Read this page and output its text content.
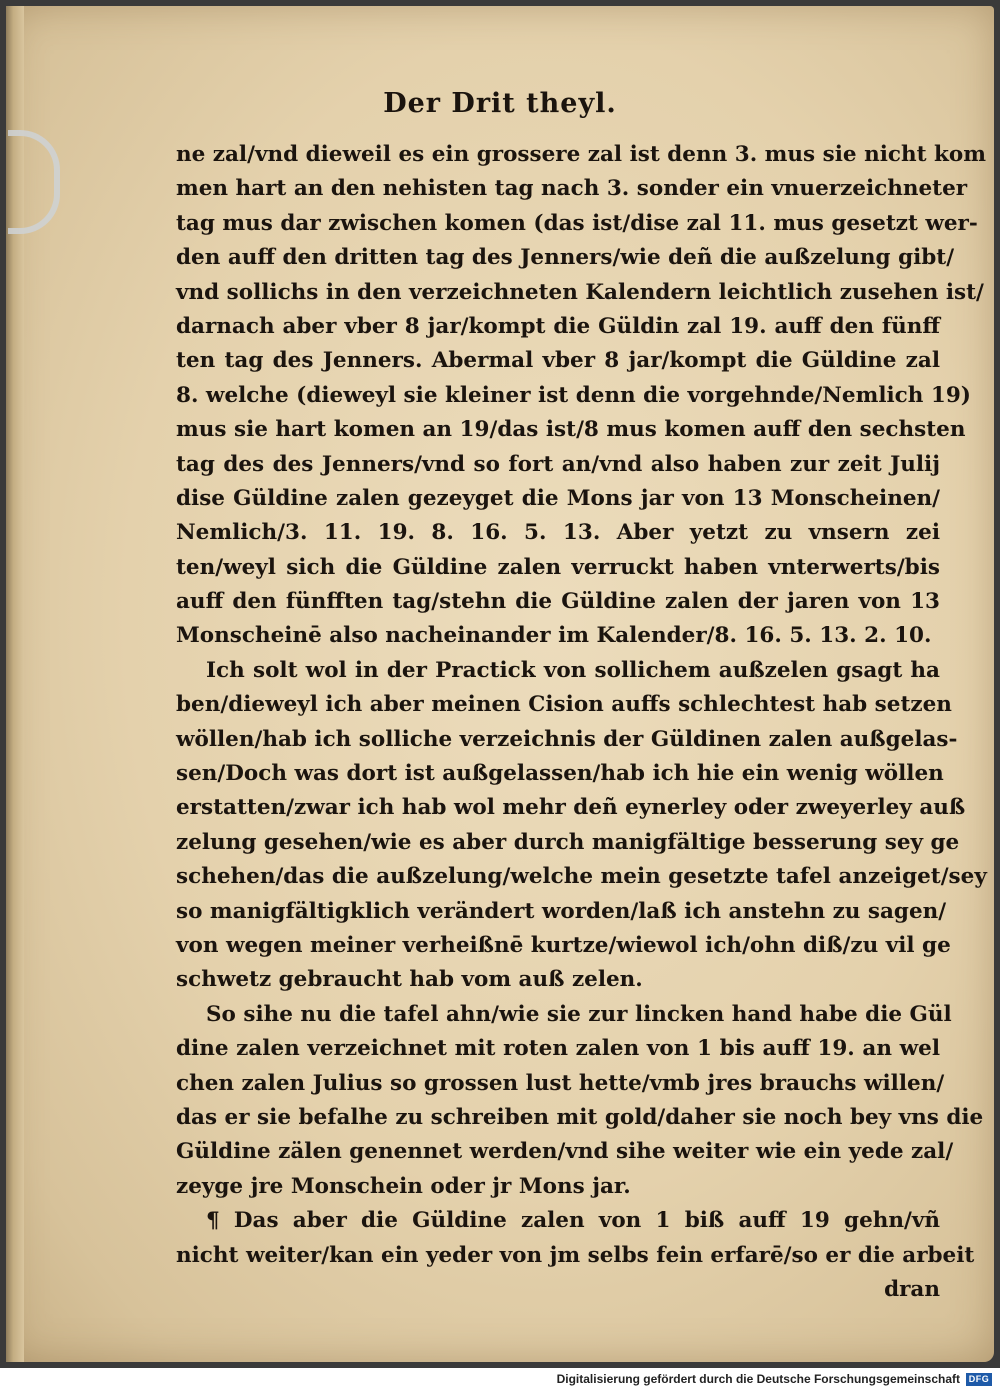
Der Drit theyl.
ne zal/vnd dieweil es ein grossere zal ist denn 3. mus sie nicht kom
men hart an den nehisten tag nach 3. sonder ein vnuerzeichneter
tag mus dar zwischen komen (das ist/dise zal 11. mus gesetzt wer-
den auff den dritten tag des Jenners/wie deñ die außzelung gibt/
vnd sollichs in den verzeichneten Kalendern leichtlich zusehen ist/
darnach aber vber 8 jar/kompt die Güldin zal 19. auff den fünff
ten tag des Jenners. Abermal vber 8 jar/kompt die Güldine zal
8. welche (dieweyl sie kleiner ist denn die vorgehnde/Nemlich 19)
mus sie hart komen an 19/das ist/8 mus komen auff den sechsten
tag des des Jenners/vnd so fort an/vnd also haben zur zeit Julij
dise Güldine zalen gezeyget die Mons jar von 13 Monscheinen/
Nemlich/3. 11. 19. 8. 16. 5. 13. Aber yetzt zu vnsern zei
ten/weyl sich die Güldine zalen verruckt haben vnterwerts/bis
auff den fünfften tag/stehn die Güldine zalen der jaren von 13
Monscheinē also nacheinander im Kalender/8. 16. 5. 13. 2. 10.
Ich solt wol in der Practick von sollichem außzelen gsagt ha
ben/dieweyl ich aber meinen Cision auffs schlechtest hab setzen
wöllen/hab ich solliche verzeichnis der Güldinen zalen außgelas-
sen/Doch was dort ist außgelassen/hab ich hie ein wenig wöllen
erstatten/zwar ich hab wol mehr deñ eynerley oder zweyerley auß
zelung gesehen/wie es aber durch manigfältige besserung sey ge
schehen/das die außzelung/welche mein gesetzte tafel anzeiget/sey
so manigfältigklich verändert worden/laß ich anstehn zu sagen/
von wegen meiner verheißnē kurtze/wiewol ich/ohn diß/zu vil ge
schwetz gebraucht hab vom auß zelen.
So sihe nu die tafel ahn/wie sie zur lincken hand habe die Gül
dine zalen verzeichnet mit roten zalen von 1 bis auff 19. an wel
chen zalen Julius so grossen lust hette/vmb jres brauchs willen/
das er sie befalhe zu schreiben mit gold/daher sie noch bey vns die
Güldine zälen genennet werden/vnd sihe weiter wie ein yede zal/
zeyge jre Monschein oder jr Mons jar.
¶ Das aber die Güldine zalen von 1 biß auff 19 gehn/vñ
nicht weiter/kan ein yeder von jm selbs fein erfarē/so er die arbeit
dran
Digitalisierung gefördert durch die Deutsche Forschungsgemeinschaft DFG
